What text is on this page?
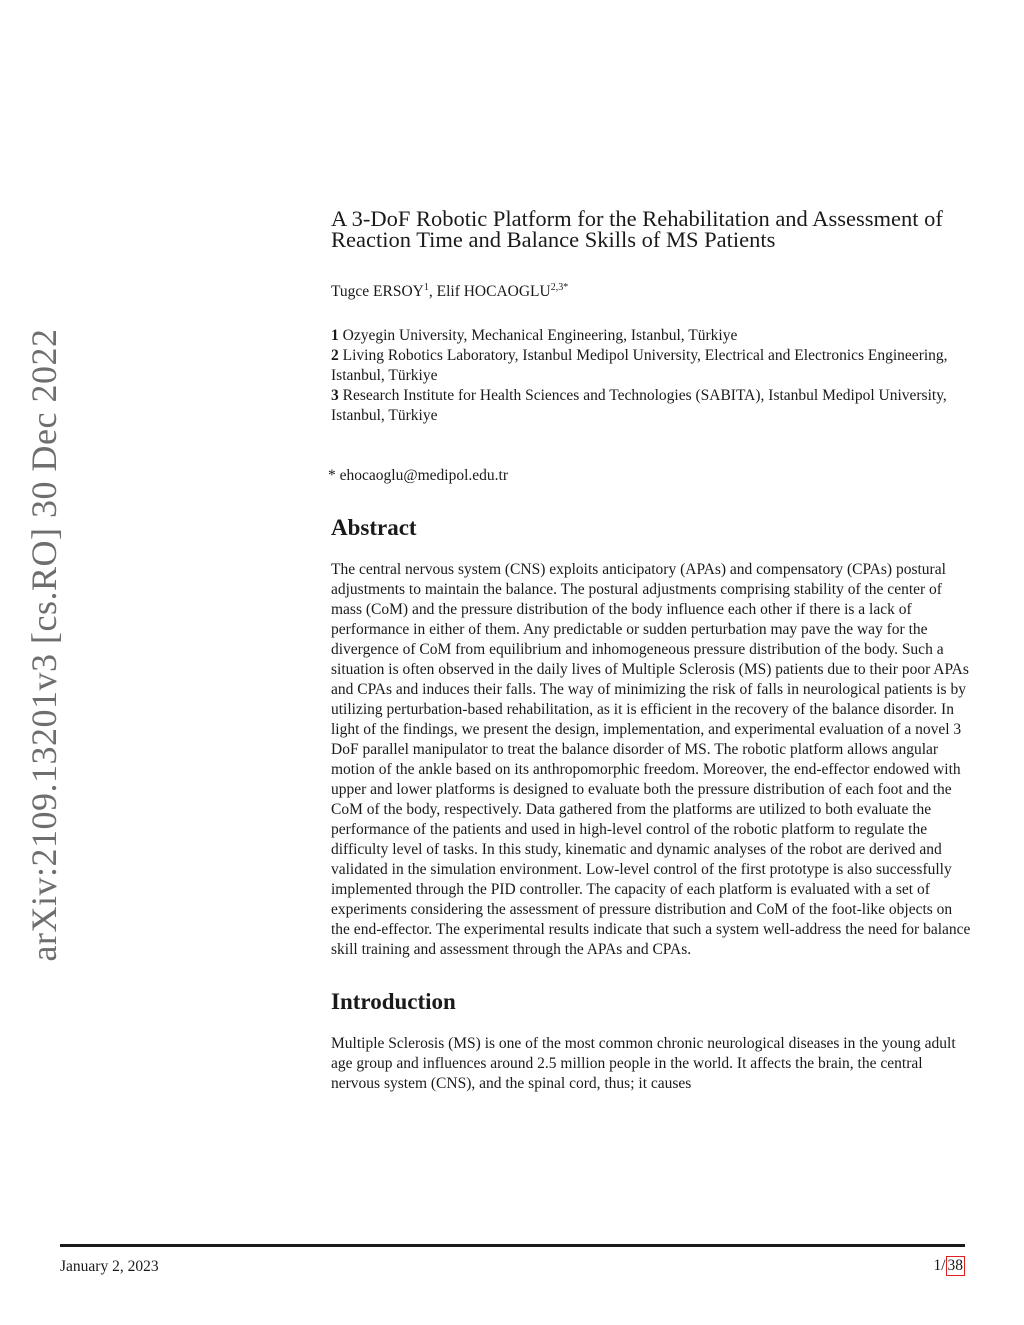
arXiv:2109.13201v3 [cs.RO] 30 Dec 2022
A 3-DoF Robotic Platform for the Rehabilitation and Assessment of Reaction Time and Balance Skills of MS Patients
Tugce ERSOY$^1$, Elif $HOCAOGLU^{2,3*}$
1 Ozyegin University, Mechanical Engineering, Istanbul, Türkiye
2 Living Robotics Laboratory, Istanbul Medipol University, Electrical and Electronics Engineering, Istanbul, Türkiye
3 Research Institute for Health Sciences and Technologies (SABITA), Istanbul Medipol University, Istanbul, Türkiye
* ehocaoglu@medipol.edu.tr
Abstract
The central nervous system (CNS) exploits anticipatory (APAs) and compensatory (CPAs) postural adjustments to maintain the balance. The postural adjustments comprising stability of the center of mass (CoM) and the pressure distribution of the body influence each other if there is a lack of performance in either of them. Any predictable or sudden perturbation may pave the way for the divergence of CoM from equilibrium and inhomogeneous pressure distribution of the body. Such a situation is often observed in the daily lives of Multiple Sclerosis (MS) patients due to their poor APAs and CPAs and induces their falls. The way of minimizing the risk of falls in neurological patients is by utilizing perturbation-based rehabilitation, as it is efficient in the recovery of the balance disorder. In light of the findings, we present the design, implementation, and experimental evaluation of a novel 3 DoF parallel manipulator to treat the balance disorder of MS. The robotic platform allows angular motion of the ankle based on its anthropomorphic freedom. Moreover, the end-effector endowed with upper and lower platforms is designed to evaluate both the pressure distribution of each foot and the CoM of the body, respectively. Data gathered from the platforms are utilized to both evaluate the performance of the patients and used in high-level control of the robotic platform to regulate the difficulty level of tasks. In this study, kinematic and dynamic analyses of the robot are derived and validated in the simulation environment. Low-level control of the first prototype is also successfully implemented through the PID controller. The capacity of each platform is evaluated with a set of experiments considering the assessment of pressure distribution and CoM of the foot-like objects on the end-effector. The experimental results indicate that such a system well-address the need for balance skill training and assessment through the APAs and CPAs.
Introduction
Multiple Sclerosis (MS) is one of the most common chronic neurological diseases in the young adult age group and influences around 2.5 million people in the world. It affects the brain, the central nervous system (CNS), and the spinal cord, thus; it causes
January 2, 2023	1 / 38
